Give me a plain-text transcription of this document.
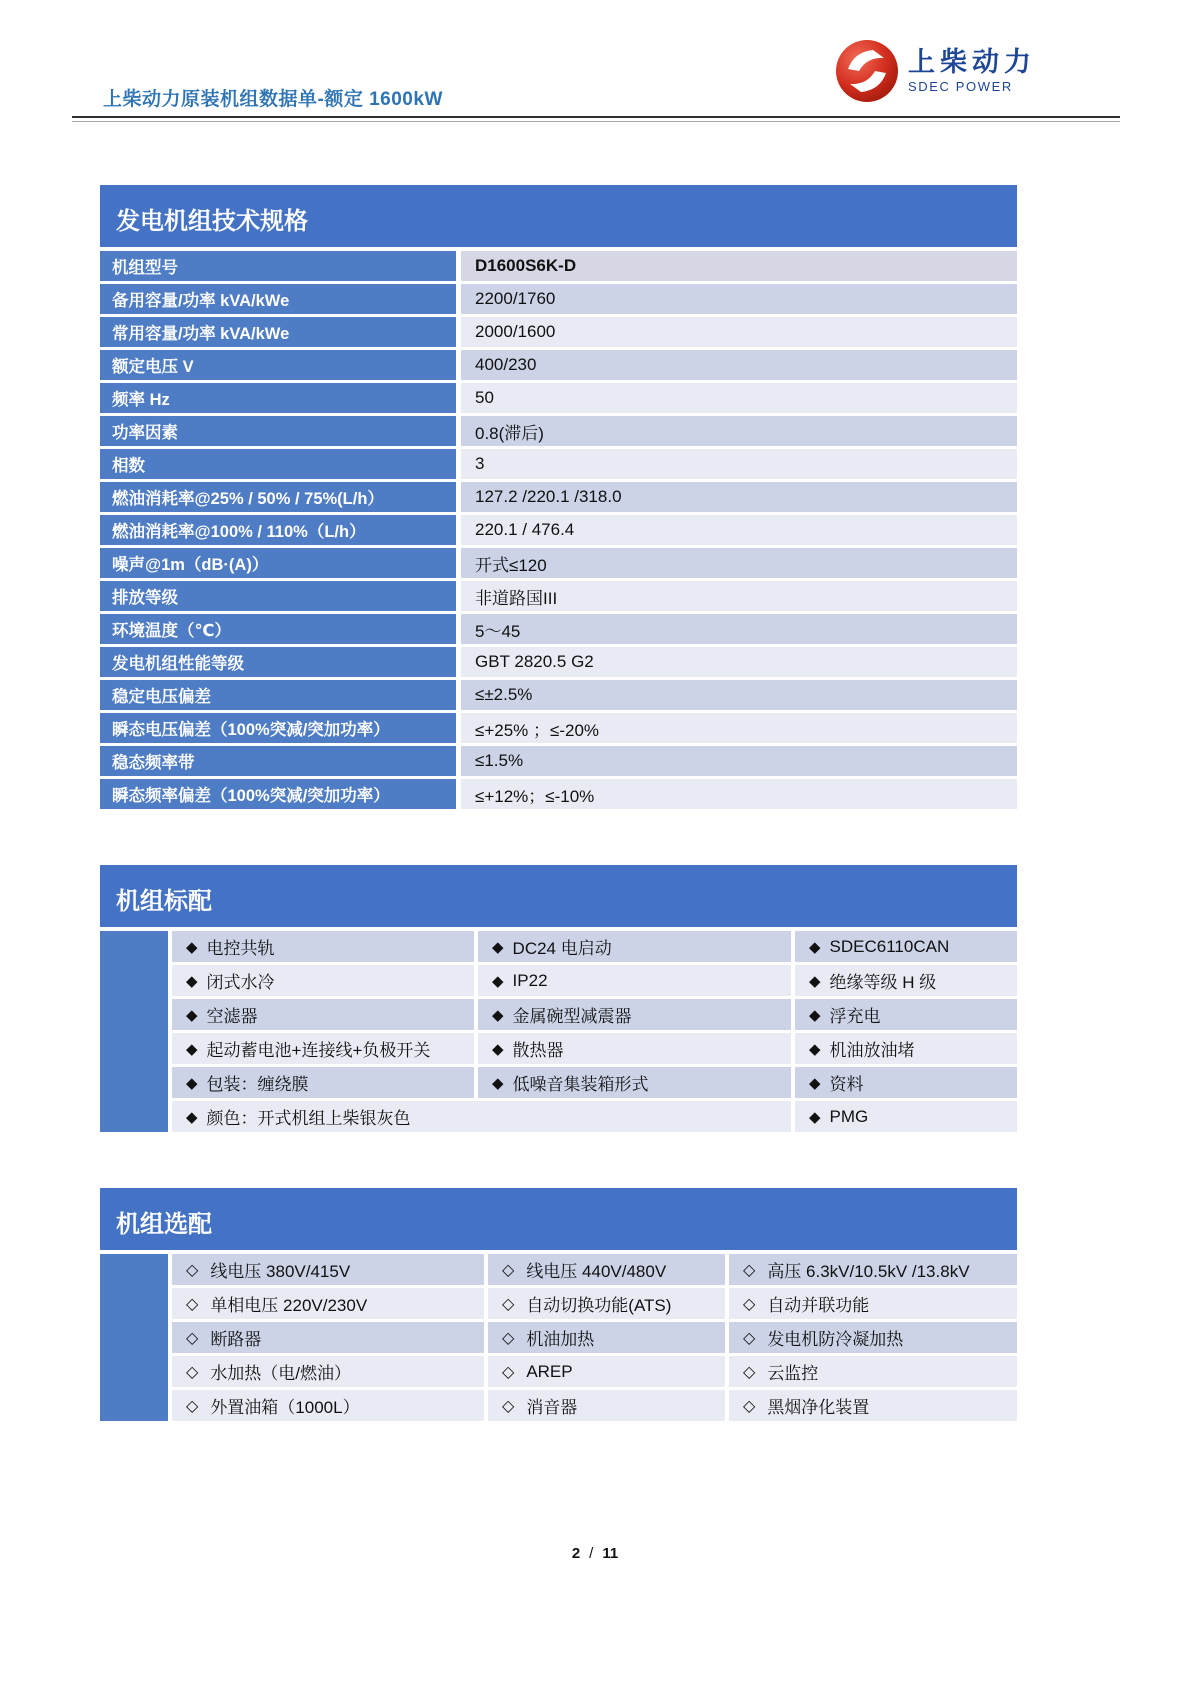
上柴动力原装机组数据单-额定 1600kW
上柴动力
SDEC POWER
发电机组技术规格
机组型号	D1600S6K-D
备用容量/功率 kVA/kWe	2200/1760
常用容量/功率 kVA/kWe	2000/1600
额定电压 V	400/230
频率 Hz	50
功率因素	0.8(滞后)
相数	3
燃油消耗率@25% / 50% / 75%(L/h）	127.2 /220.1 /318.0
燃油消耗率@100% / 110%（L/h）	220.1 / 476.4
噪声@1m（dB·(A)）	开式≤120
排放等级	非道路国III
环境温度（℃）	5～45
发电机组性能等级	GBT 2820.5 G2
稳定电压偏差	≤±2.5%
瞬态电压偏差（100%突减/突加功率）	≤+25% ；≤-20%
稳态频率带	≤1.5%
瞬态频率偏差（100%突减/突加功率）	≤+12%；≤-10%
机组标配
◆ 电控共轨	◆ DC24 电启动	◆ SDEC6110CAN
◆ 闭式水冷	◆ IP22	◆ 绝缘等级 H 级
◆ 空滤器	◆ 金属碗型减震器	◆ 浮充电
◆ 起动蓄电池+连接线+负极开关	◆ 散热器	◆ 机油放油堵
◆ 包装：缠绕膜	◆ 低噪音集装箱形式	◆ 资料
◆ 颜色：开式机组上柴银灰色	◆ PMG
机组选配
◇ 线电压 380V/415V	◇ 线电压 440V/480V	◇ 高压 6.3kV/10.5kV /13.8kV
◇ 单相电压 220V/230V	◇ 自动切换功能(ATS)	◇ 自动并联功能
◇ 断路器	◇ 机油加热	◇ 发电机防冷凝加热
◇ 水加热（电/燃油）	◇ AREP	◇ 云监控
◇ 外置油箱（1000L）	◇ 消音器	◇ 黑烟净化装置
2 / 11
